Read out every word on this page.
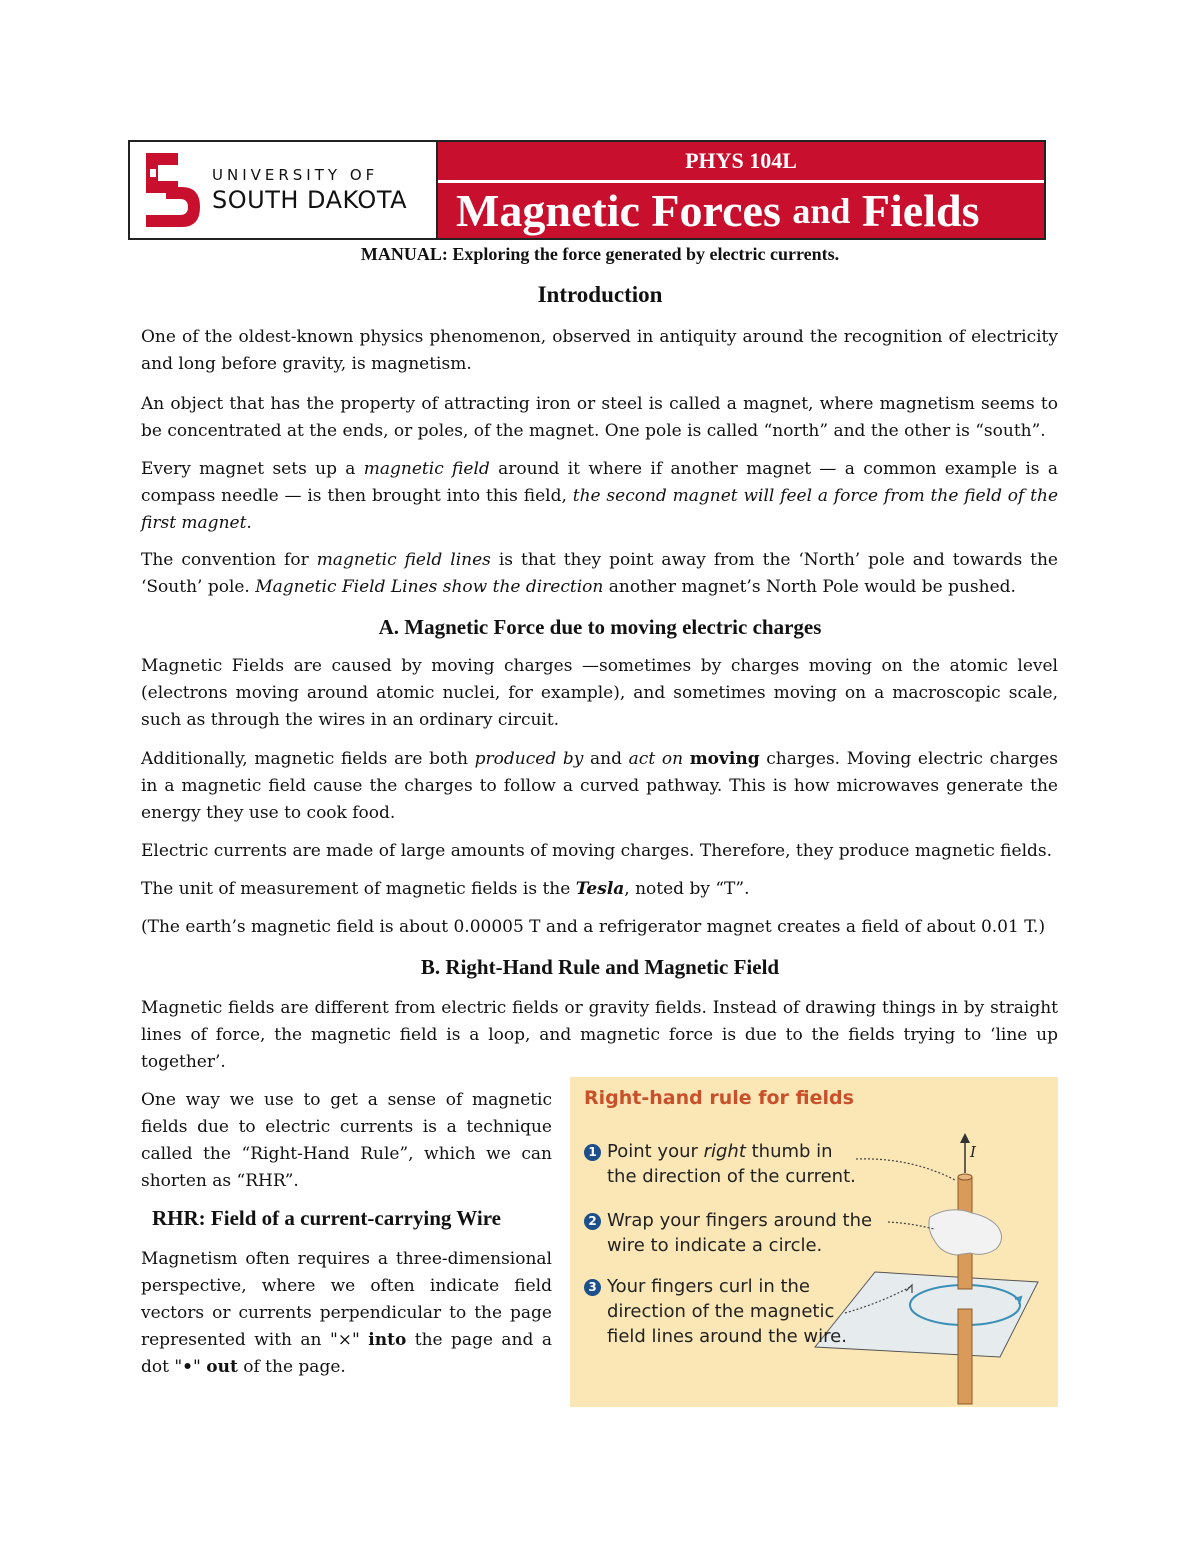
UNIVERSITY OF
SOUTH DAKOTA
PHYS 104L
Magnetic Forces
and
Fields
MANUAL: Exploring the force generated by electric currents.
Introduction
One of the oldest-known physics phenomenon, observed in antiquity around the recognition of electricity and long before gravity, is magnetism.
An object that has the property of attracting iron or steel is called a magnet, where magnetism seems to be concentrated at the ends, or poles, of the magnet. One pole is called “north” and the other is “south”.
Every magnet sets up a magnetic field around it where if another magnet — a common example is a compass needle — is then brought into this field, the second magnet will feel a force from the field of the first magnet.
The convention for magnetic field lines is that they point away from the ‘North’ pole and towards the ‘South’ pole. Magnetic Field Lines show the direction another magnet’s North Pole would be pushed.
A. Magnetic Force due to moving electric charges
Magnetic Fields are caused by moving charges —sometimes by charges moving on the atomic level (electrons moving around atomic nuclei, for example), and sometimes moving on a macroscopic scale, such as through the wires in an ordinary circuit.
Additionally, magnetic fields are both produced by and act on moving charges. Moving electric charges in a magnetic field cause the charges to follow a curved pathway. This is how microwaves generate the energy they use to cook food.
Electric currents are made of large amounts of moving charges. Therefore, they produce magnetic fields.
The unit of measurement of magnetic fields is the Tesla, noted by “T”.
(The earth’s magnetic field is about 0.00005 T and a refrigerator magnet creates a field of about 0.01 T.)
B. Right-Hand Rule and Magnetic Field
Magnetic fields are different from electric fields or gravity fields. Instead of drawing things in by straight lines of force, the magnetic field is a loop, and magnetic force is due to the fields trying to ‘line up together’.
One way we use to get a sense of magnetic fields due to electric currents is a technique called the “Right-Hand Rule”, which we can shorten as “RHR”.
RHR: Field of a current-carrying Wire
Magnetism often requires a three-dimensional perspective, where we often indicate field vectors or currents perpendicular to the page represented with an "×" into the page and a dot "•" out of the page.
I
Right-hand rule for fields
1 Point your right thumb in
the direction of the current.
2 Wrap your fingers around the
wire to indicate a circle.
3 Your fingers curl in the
direction of the magnetic
field lines around the wire.
